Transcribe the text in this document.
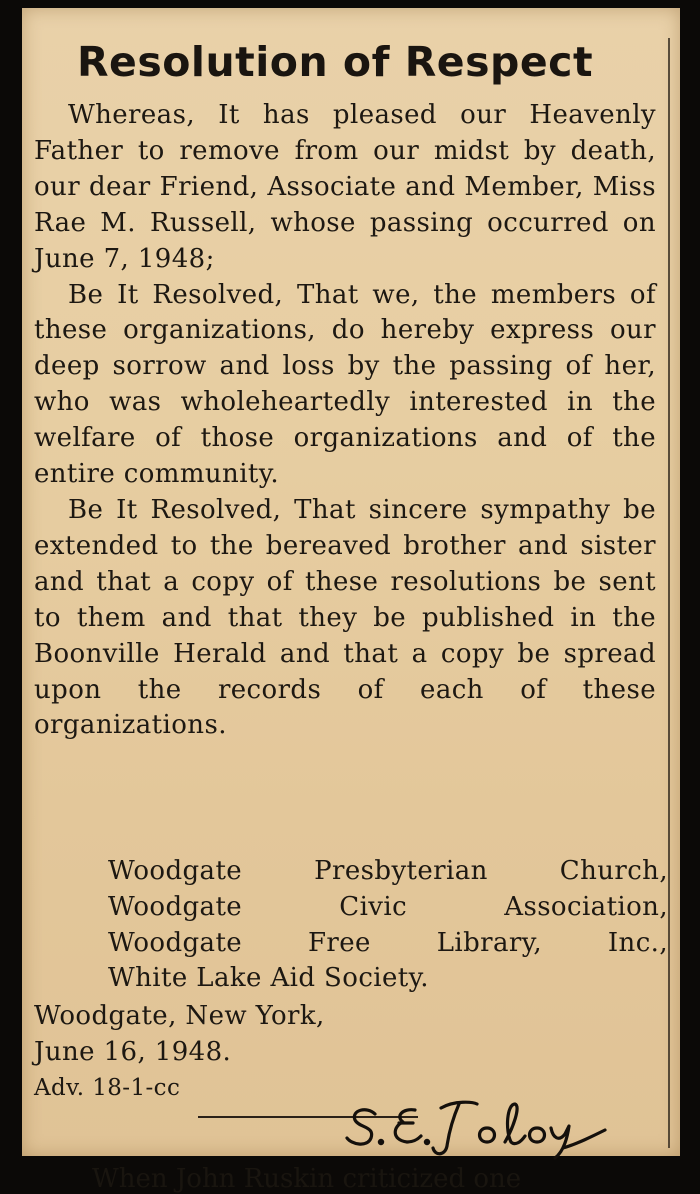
Resolution of Respect

Whereas, It has pleased our Heavenly Father to remove from our midst by death, our dear Friend, Associate and Member, Miss Rae M. Russell, whose passing occurred on June 7, 1948;

Be It Resolved, That we, the members of these organizations, do hereby express our deep sorrow and loss by the passing of her, who was wholeheartedly interested in the welfare of those organizations and of the entire community.

Be It Resolved, That sincere sympathy be extended to the bereaved brother and sister and that a copy of these resolutions be sent to them and that they be published in the Boonville Herald and that a copy be spread upon the records of each of these organizations.

Woodgate Presbyterian Church,
Woodgate Civic Association,
Woodgate Free Library, Inc.,
White Lake Aid Society.
Woodgate, New York,
June 16, 1948.
Adv. 18-1-cc
When John Ruskin criticized one
